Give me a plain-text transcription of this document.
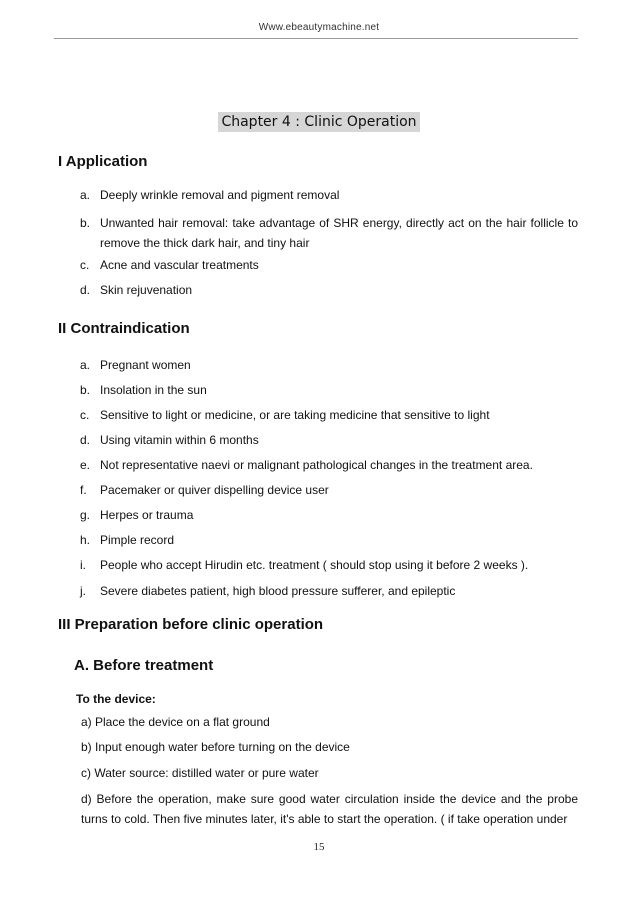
Www.ebeautymachine.net
Chapter 4 : Clinic Operation
I Application
a. Deeply wrinkle removal and pigment removal
b. Unwanted hair removal: take advantage of SHR energy, directly act on the hair follicle to remove the thick dark hair, and tiny hair
c. Acne and vascular treatments
d. Skin rejuvenation
II Contraindication
a. Pregnant women
b. Insolation in the sun
c. Sensitive to light or medicine, or are taking medicine that sensitive to light
d. Using vitamin within 6 months
e. Not representative naevi or malignant pathological changes in the treatment area.
f. Pacemaker or quiver dispelling device user
g. Herpes or trauma
h. Pimple record
i. People who accept Hirudin etc. treatment ( should stop using it before 2 weeks ).
j. Severe diabetes patient, high blood pressure sufferer, and epileptic
III Preparation before clinic operation
A. Before treatment
To the device:
a) Place the device on a flat ground
b) Input enough water before turning on the device
c) Water source: distilled water or pure water
d) Before the operation, make sure good water circulation inside the device and the probe turns to cold. Then five minutes later, it's able to start the operation. ( if take operation under
15
